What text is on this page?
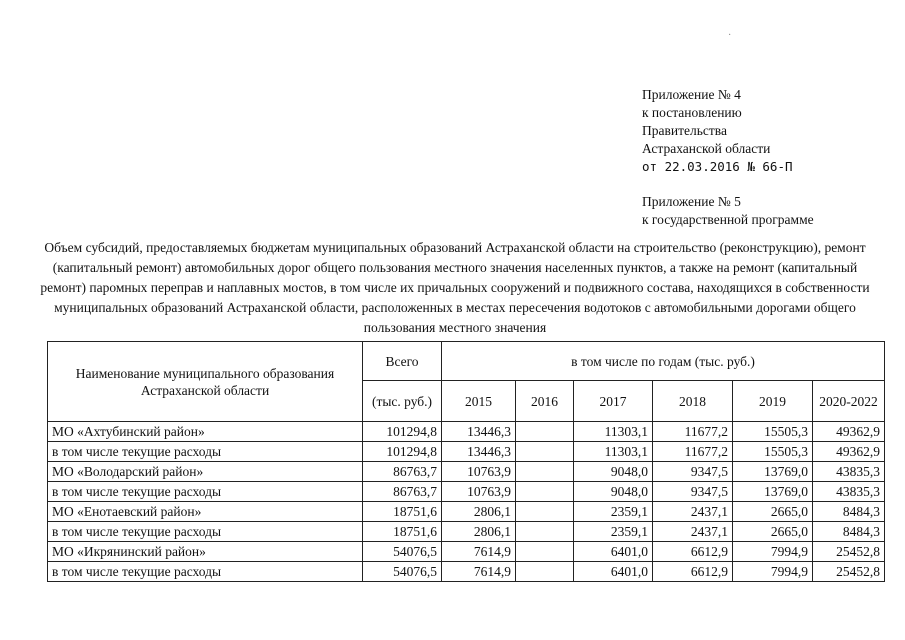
·
Приложение № 4
к постановлению
Правительства
Астраханской области
от 22.03.2016 № 66-П
Приложение № 5
к государственной программе
Объем субсидий, предоставляемых бюджетам муниципальных образований Астраханской области на строительство (реконструкцию), ремонт (капитальный ремонт) автомобильных дорог общего пользования местного значения населенных пунктов, а также на ремонт (капитальный ремонт) паромных переправ и наплавных мостов, в том числе их причальных сооружений и подвижного состава, находящихся в собственности муниципальных образований Астраханской области, расположенных в местах пересечения водотоков с автомобильными дорогами общего пользования местного значения
Наименование муниципального образования Астраханской области	Всего	в том числе по годам (тыс. руб.)					
	(тыс. руб.)	2015	2016	2017	2018	2019	2020-2022
МО «Ахтубинский район»	101294,8	13446,3		11303,1	11677,2	15505,3	49362,9
в том числе текущие расходы	101294,8	13446,3		11303,1	11677,2	15505,3	49362,9
МО «Володарский район»	86763,7	10763,9		9048,0	9347,5	13769,0	43835,3
в том числе текущие расходы	86763,7	10763,9		9048,0	9347,5	13769,0	43835,3
МО «Енотаевский район»	18751,6	2806,1		2359,1	2437,1	2665,0	8484,3
в том числе текущие расходы	18751,6	2806,1		2359,1	2437,1	2665,0	8484,3
МО «Икрянинский район»	54076,5	7614,9		6401,0	6612,9	7994,9	25452,8
в том числе текущие расходы	54076,5	7614,9		6401,0	6612,9	7994,9	25452,8
